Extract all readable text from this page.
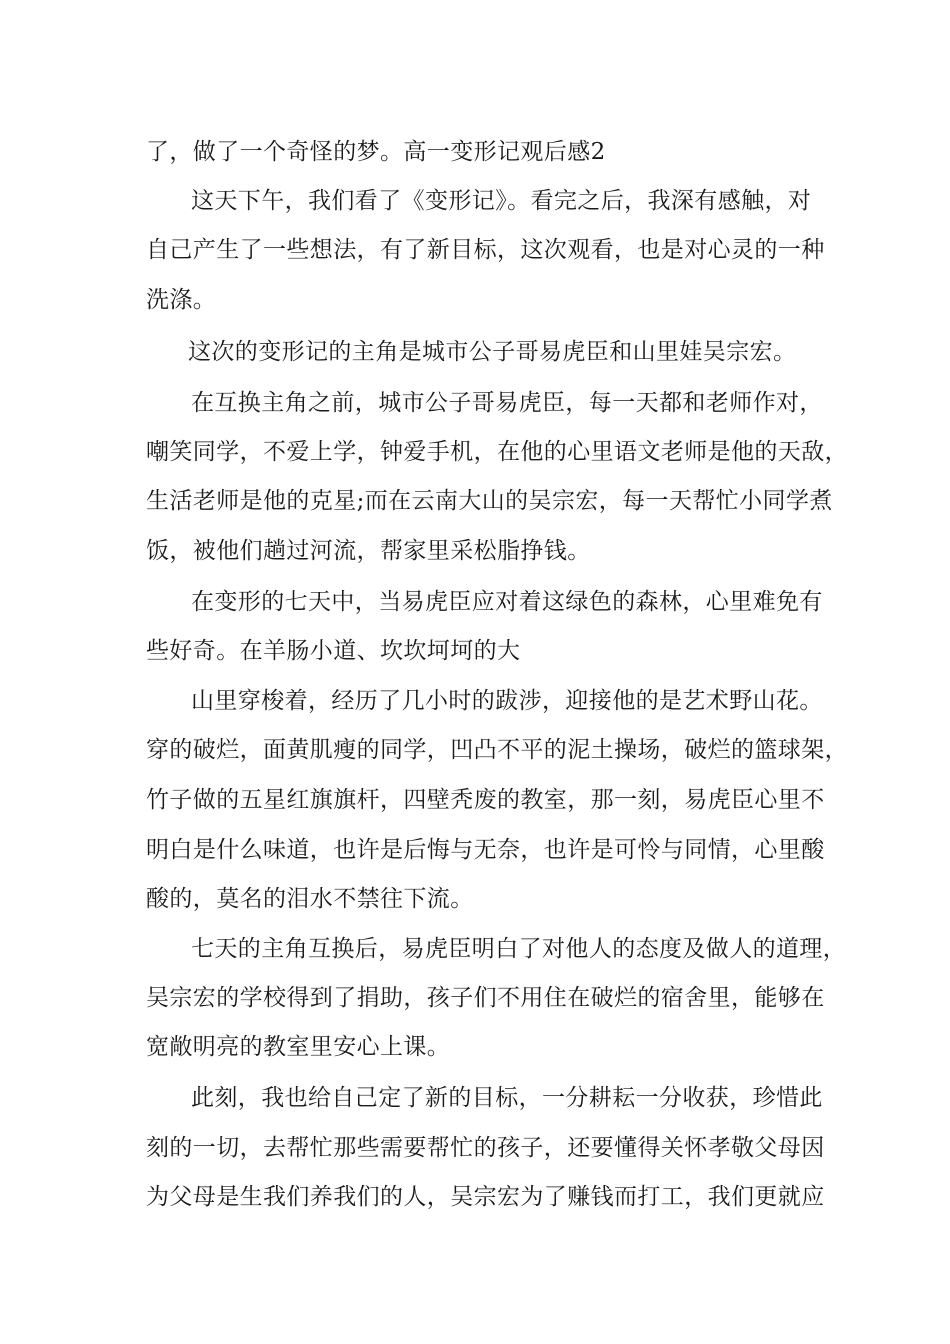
了，做了一个奇怪的梦。高一变形记观后感2
这天下午，我们看了《变形记》。看完之后，我深有感触，对
自己产生了一些想法，有了新目标，这次观看，也是对心灵的一种
洗涤。
这次的变形记的主角是城市公子哥易虎臣和山里娃吴宗宏。
在互换主角之前，城市公子哥易虎臣，每一天都和老师作对，
嘲笑同学，不爱上学，钟爱手机，在他的心里语文老师是他的天敌，
生活老师是他的克星;而在云南大山的吴宗宏，每一天帮忙小同学煮
饭，被他们趟过河流，帮家里采松脂挣钱。
在变形的七天中，当易虎臣应对着这绿色的森林，心里难免有
些好奇。在羊肠小道、坎坎坷坷的大
山里穿梭着，经历了几小时的跋涉，迎接他的是艺术野山花。
穿的破烂，面黄肌瘦的同学，凹凸不平的泥土操场，破烂的篮球架，
竹子做的五星红旗旗杆，四壁秃废的教室，那一刻，易虎臣心里不
明白是什么味道，也许是后悔与无奈，也许是可怜与同情，心里酸
酸的，莫名的泪水不禁往下流。
七天的主角互换后，易虎臣明白了对他人的态度及做人的道理，
吴宗宏的学校得到了捐助，孩子们不用住在破烂的宿舍里，能够在
宽敞明亮的教室里安心上课。
此刻，我也给自己定了新的目标，一分耕耘一分收获，珍惜此
刻的一切，去帮忙那些需要帮忙的孩子，还要懂得关怀孝敬父母因
为父母是生我们养我们的人，吴宗宏为了赚钱而打工，我们更就应
